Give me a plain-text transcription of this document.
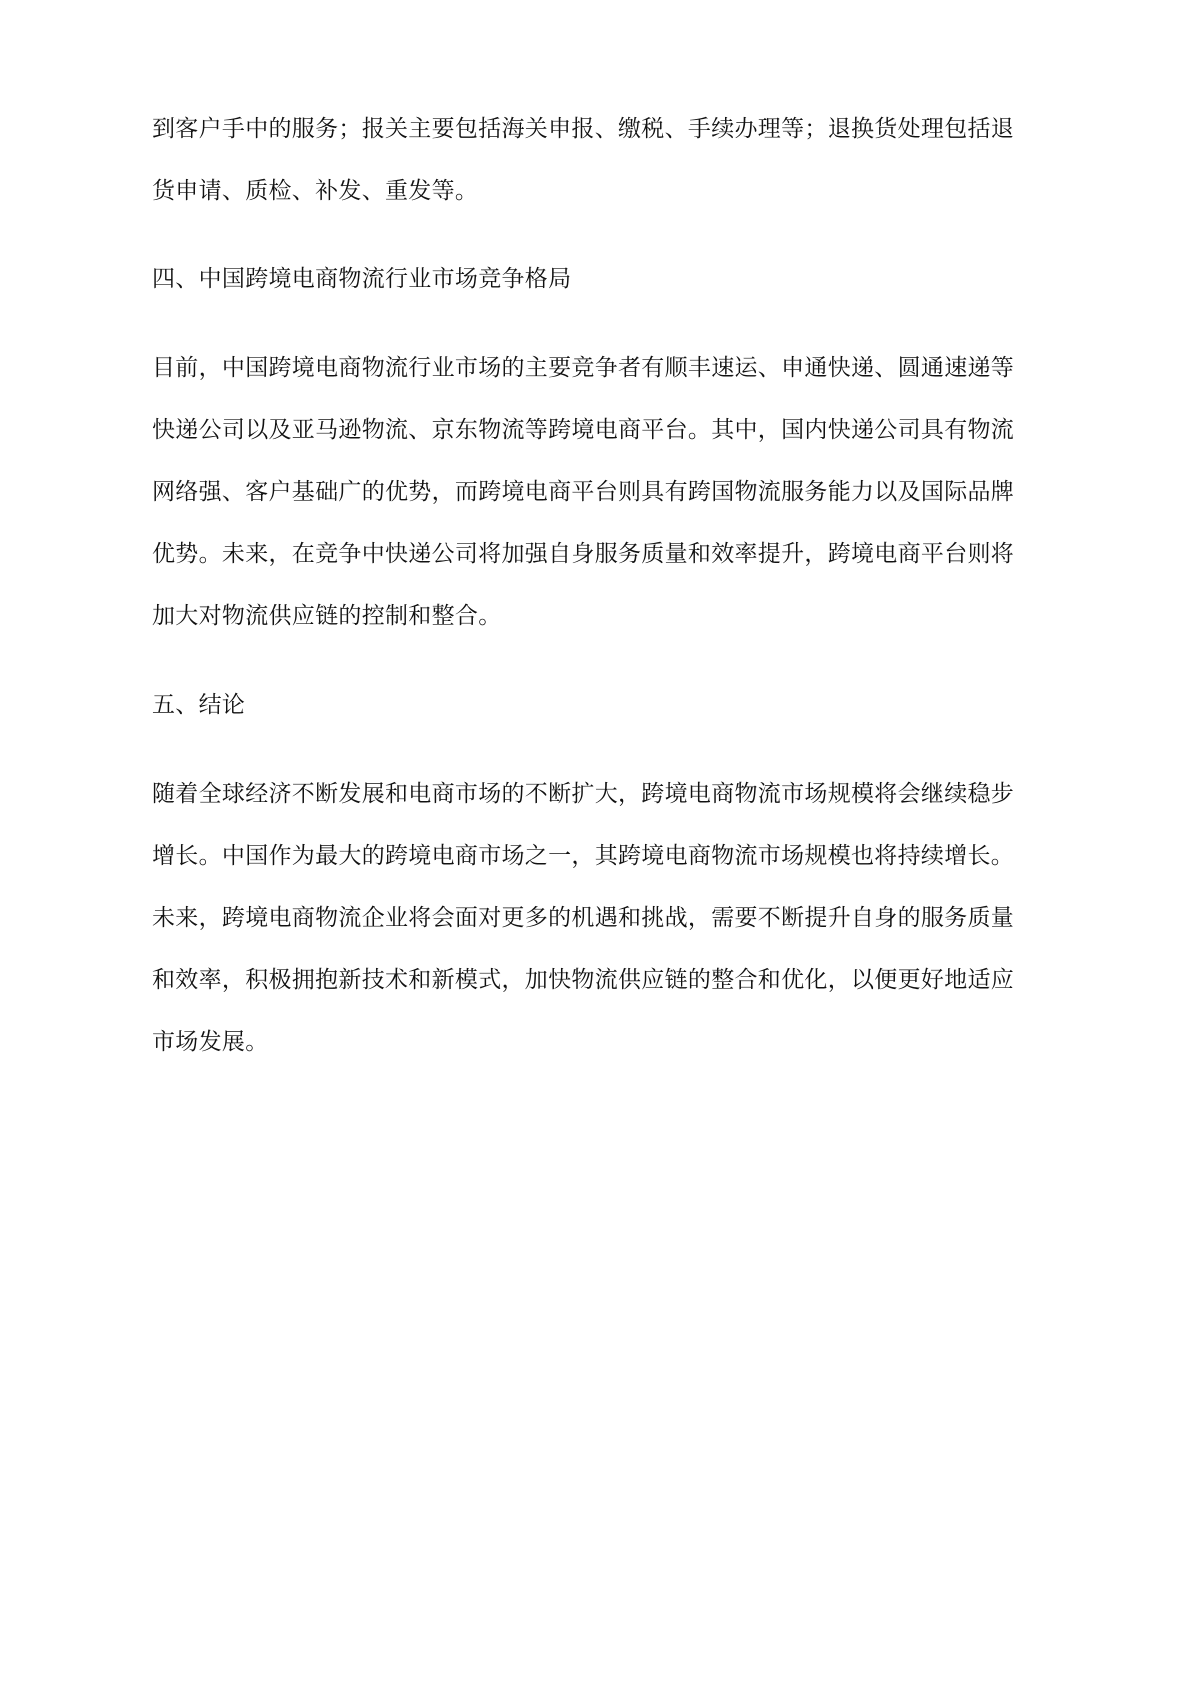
到客户手中的服务；报关主要包括海关申报、缴税、手续办理等；退换货处理包括退
货申请、质检、补发、重发等。
四、中国跨境电商物流行业市场竞争格局
目前，中国跨境电商物流行业市场的主要竞争者有顺丰速运、申通快递、圆通速递等
快递公司以及亚马逊物流、京东物流等跨境电商平台。其中，国内快递公司具有物流
网络强、客户基础广的优势，而跨境电商平台则具有跨国物流服务能力以及国际品牌
优势。未来，在竞争中快递公司将加强自身服务质量和效率提升，跨境电商平台则将
加大对物流供应链的控制和整合。
五、结论
随着全球经济不断发展和电商市场的不断扩大，跨境电商物流市场规模将会继续稳步
增长。中国作为最大的跨境电商市场之一，其跨境电商物流市场规模也将持续增长。
未来，跨境电商物流企业将会面对更多的机遇和挑战，需要不断提升自身的服务质量
和效率，积极拥抱新技术和新模式，加快物流供应链的整合和优化，以便更好地适应
市场发展。
